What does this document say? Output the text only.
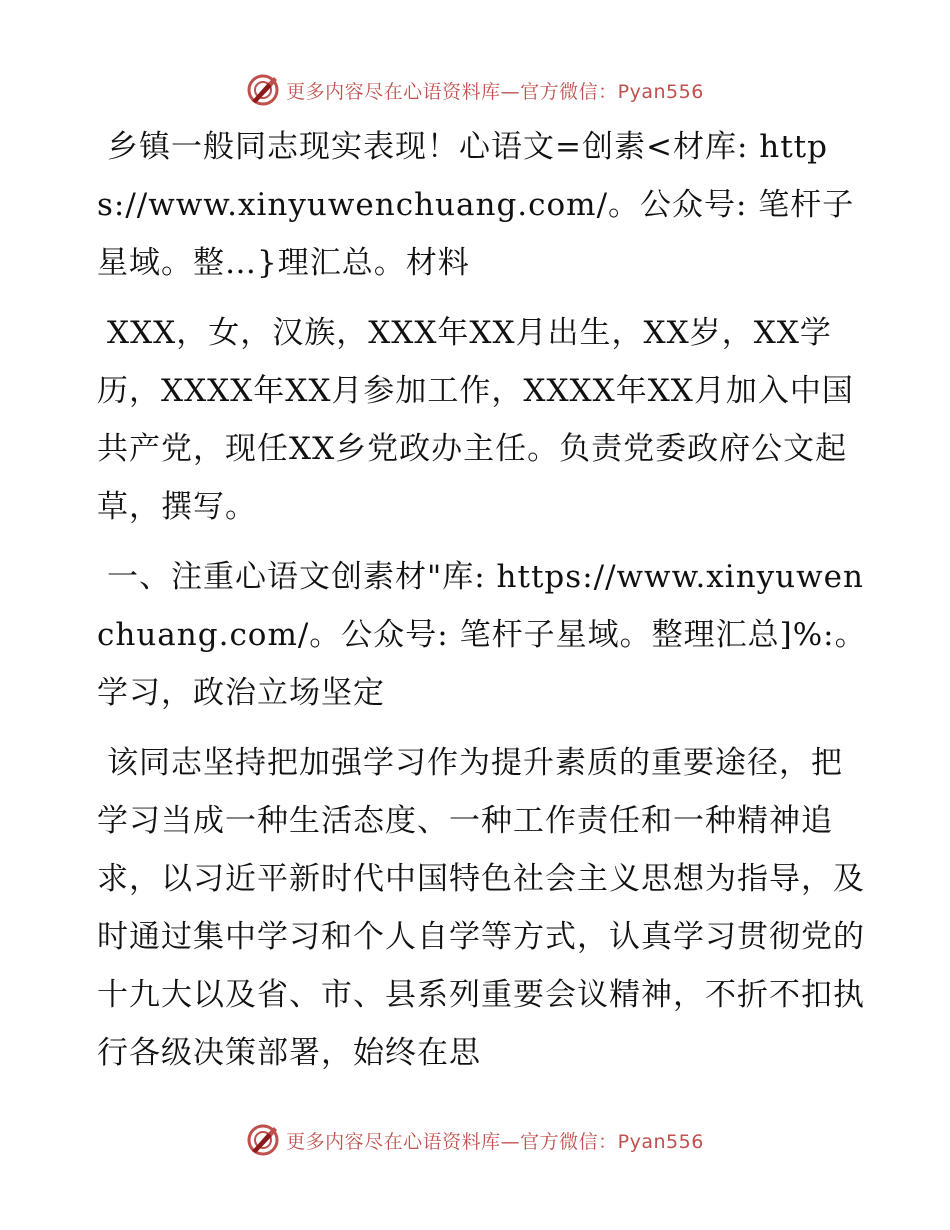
更多内容尽在心语资料库—官方微信：Pyan556

乡镇一般同志现实表现！心语文=创素<材库: https://www.xinyuwenchuang.com/。公众号: 笔杆子星域。整…}理汇总。材料

XXX，女，汉族，XXX年XX月出生，XX岁，XX学历，XXXX年XX月参加工作，XXXX年XX月加入中国共产党，现任XX乡党政办主任。负责党委政府公文起草，撰写。

一、注重心语文创素材"库: https://www.xinyuwenchuang.com/。公众号: 笔杆子星域。整理汇总]%:。学习，政治立场坚定

该同志坚持把加强学习作为提升素质的重要途径，把学习当成一种生活态度、一种工作责任和一种精神追求，以习近平新时代中国特色社会主义思想为指导，及时通过集中学习和个人自学等方式，认真学习贯彻党的十九大以及省、市、县系列重要会议精神，不折不扣执行各级决策部署，始终在思

更多内容尽在心语资料库—官方微信：Pyan556
